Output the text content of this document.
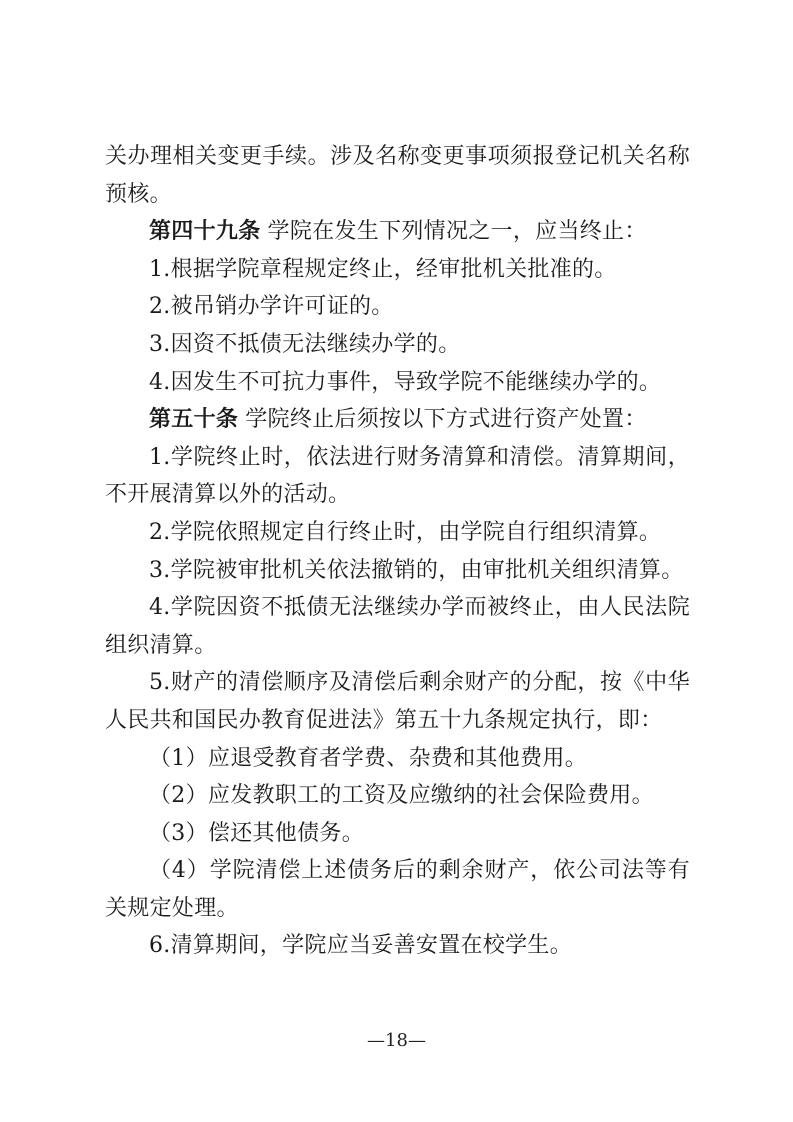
关办理相关变更手续。涉及名称变更事项须报登记机关名称预核。

第四十九条 学院在发生下列情况之一，应当终止：

1.根据学院章程规定终止，经审批机关批准的。

2.被吊销办学许可证的。

3.因资不抵债无法继续办学的。

4.因发生不可抗力事件，导致学院不能继续办学的。

第五十条 学院终止后须按以下方式进行资产处置：

1.学院终止时，依法进行财务清算和清偿。清算期间，不开展清算以外的活动。

2.学院依照规定自行终止时，由学院自行组织清算。

3.学院被审批机关依法撤销的，由审批机关组织清算。

4.学院因资不抵债无法继续办学而被终止，由人民法院组织清算。

5.财产的清偿顺序及清偿后剩余财产的分配，按《中华人民共和国民办教育促进法》第五十九条规定执行，即：

（1）应退受教育者学费、杂费和其他费用。

（2）应发教职工的工资及应缴纳的社会保险费用。

（3）偿还其他债务。

（4）学院清偿上述债务后的剩余财产，依公司法等有关规定处理。

6.清算期间，学院应当妥善安置在校学生。

—18—
